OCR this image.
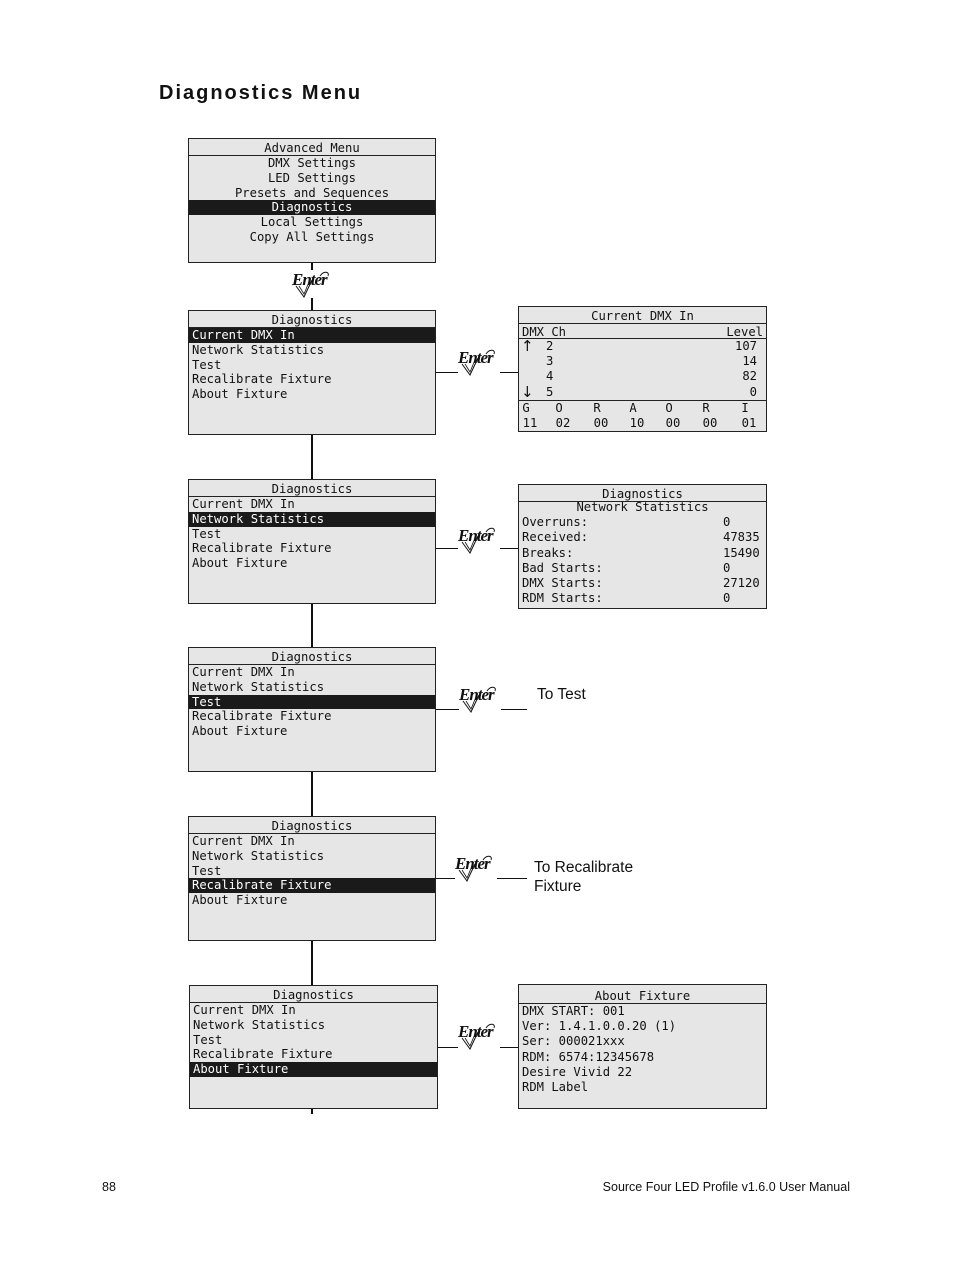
Diagnostics Menu
Advanced Menu
DMX Settings
LED Settings
Presets and Sequences
Diagnostics
Local Settings
Copy All Settings
Enter
Diagnostics
Current DMX In
Network Statistics
Test
Recalibrate Fixture
About Fixture
Enter
Current DMX In
DMX Ch	Level
↑ 2	107
3	14
4	82
↓ 5	0
G	O	R	A	O	R	I
11	02	00	10	00	00	01
Diagnostics
Current DMX In
Network Statistics
Test
Recalibrate Fixture
About Fixture
Enter
Diagnostics
Network Statistics
Overruns:	0
Received:	47835
Breaks:	15490
Bad Starts:	0
DMX Starts:	27120
RDM Starts:	0
Diagnostics
Current DMX In
Network Statistics
Test
Recalibrate Fixture
About Fixture
Enter	To Test
Diagnostics
Current DMX In
Network Statistics
Test
Recalibrate Fixture
About Fixture
Enter	To Recalibrate
Fixture
Diagnostics
Current DMX In
Network Statistics
Test
Recalibrate Fixture
About Fixture
Enter
About Fixture
DMX START: 001
Ver: 1.4.1.0.0.20 (1)
Ser: 000021xxx
RDM: 6574:12345678
Desire Vivid 22
RDM Label
88	Source Four LED Profile v1.6.0 User Manual
